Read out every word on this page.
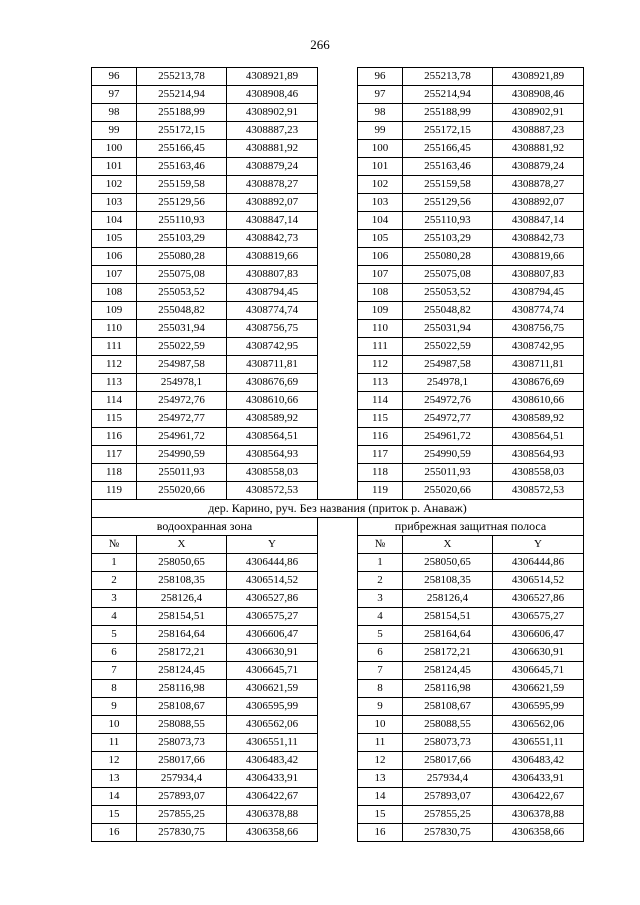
266
96	255213,78	4308921,89		96	255213,78	4308921,89
97	255214,94	4308908,46		97	255214,94	4308908,46
98	255188,99	4308902,91		98	255188,99	4308902,91
99	255172,15	4308887,23		99	255172,15	4308887,23
100	255166,45	4308881,92		100	255166,45	4308881,92
101	255163,46	4308879,24		101	255163,46	4308879,24
102	255159,58	4308878,27		102	255159,58	4308878,27
103	255129,56	4308892,07		103	255129,56	4308892,07
104	255110,93	4308847,14		104	255110,93	4308847,14
105	255103,29	4308842,73		105	255103,29	4308842,73
106	255080,28	4308819,66		106	255080,28	4308819,66
107	255075,08	4308807,83		107	255075,08	4308807,83
108	255053,52	4308794,45		108	255053,52	4308794,45
109	255048,82	4308774,74		109	255048,82	4308774,74
110	255031,94	4308756,75		110	255031,94	4308756,75
111	255022,59	4308742,95		111	255022,59	4308742,95
112	254987,58	4308711,81		112	254987,58	4308711,81
113	254978,1	4308676,69		113	254978,1	4308676,69
114	254972,76	4308610,66		114	254972,76	4308610,66
115	254972,77	4308589,92		115	254972,77	4308589,92
116	254961,72	4308564,51		116	254961,72	4308564,51
117	254990,59	4308564,93		117	254990,59	4308564,93
118	255011,93	4308558,03		118	255011,93	4308558,03
119	255020,66	4308572,53		119	255020,66	4308572,53
дер. Карино, руч. Без названия (приток р. Анаваж)						
водоохранная зона				прибрежная защитная полоса		
№	X	Y		№	X	Y
1	258050,65	4306444,86		1	258050,65	4306444,86
2	258108,35	4306514,52		2	258108,35	4306514,52
3	258126,4	4306527,86		3	258126,4	4306527,86
4	258154,51	4306575,27		4	258154,51	4306575,27
5	258164,64	4306606,47		5	258164,64	4306606,47
6	258172,21	4306630,91		6	258172,21	4306630,91
7	258124,45	4306645,71		7	258124,45	4306645,71
8	258116,98	4306621,59		8	258116,98	4306621,59
9	258108,67	4306595,99		9	258108,67	4306595,99
10	258088,55	4306562,06		10	258088,55	4306562,06
11	258073,73	4306551,11		11	258073,73	4306551,11
12	258017,66	4306483,42		12	258017,66	4306483,42
13	257934,4	4306433,91		13	257934,4	4306433,91
14	257893,07	4306422,67		14	257893,07	4306422,67
15	257855,25	4306378,88		15	257855,25	4306378,88
16	257830,75	4306358,66		16	257830,75	4306358,66
